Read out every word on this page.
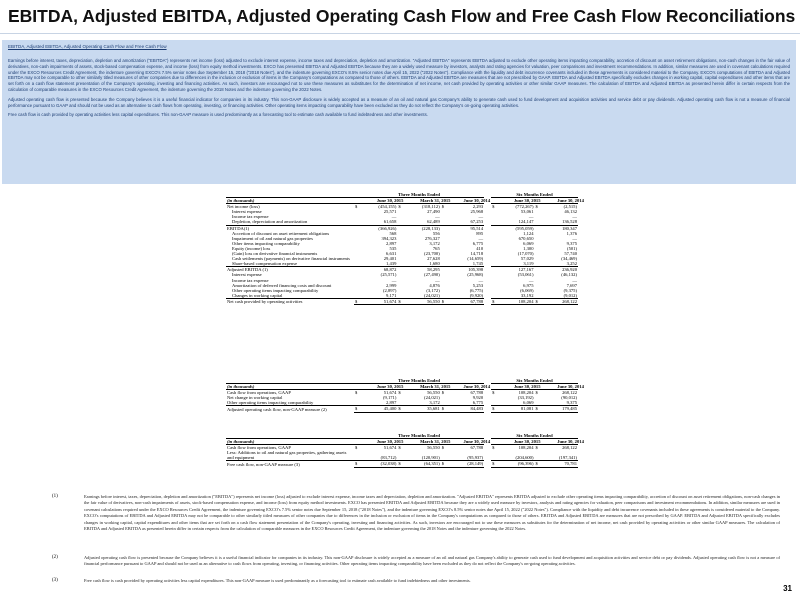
EBITDA, Adjusted EBITDA, Adjusted Operating Cash Flow and Free Cash Flow Reconciliations
EBITDA, Adjusted EBITDA, Adjusted Operating Cash Flow and Free Cash Flow

Earnings before interest, taxes, depreciation, depletion and amortization ("EBITDA") represents net income (loss) adjusted to exclude interest expense, income taxes and depreciation, depletion and amortization. "Adjusted EBITDA" represents EBITDA adjusted to exclude other operating items impacting comparability, accretion of discount on asset retirement obligations, non-cash changes in the fair value of derivatives, non-cash impairments of assets, stock-based compensation expense, and income (loss) from equity method investments. EXCO has presented EBITDA and Adjusted EBITDA because they are a widely used measure by investors, analysts and rating agencies for valuation, peer comparisons and investment recommendations. In addition, similar measures are used in covenant calculations required under the EXCO Resources Credit Agreement, the indenture governing EXCO's 7.5% senior notes due September 15, 2018 ("2018 Notes"), and the indenture governing EXCO's 8.5% senior notes due April 15, 2022 ("2022 Notes"). Compliance with the liquidity and debt incurrence covenants included in these agreements is considered material to the Company. EXCO's computations of EBITDA and Adjusted EBITDA may not be comparable to other similarly titled measures of other companies due to differences in the inclusion or exclusion of items in the Company's computations as compared to those of others. EBITDA and Adjusted EBITDA are measures that are not prescribed by GAAP. EBITDA and Adjusted EBITDA specifically excludes changes in working capital, capital expenditures and other items that are set forth on a cash flow statement presentation of the Company's operating, investing and financing activities. As such, investors are encouraged not to use these measures as substitutes for the determination of net income, net cash provided by operating activities or other similar GAAP measures. The calculation of EBITDA and Adjusted EBITDA as presented herein differ in certain respects from the calculation of comparable measures in the EXCO Resources Credit Agreement, the indenture governing the 2018 Notes and the indenture governing the 2022 Notes.

Adjusted operating cash flow is presented because the Company believes it is a useful financial indicator for companies in its industry. This non-GAAP disclosure is widely accepted as a measure of an oil and natural gas Company's ability to generate cash used to fund development and acquisition activities and service debt or pay dividends. Adjusted operating cash flow is not a measure of financial performance pursuant to GAAP and should not be used as an alternative to cash flows from operating, investing, or financing activities. Other operating items impacting comparability have been excluded as they do not reflect the Company's on-going operating activities.

Free cash flow is cash provided by operating activities less capital expenditures. This non-GAAP measure is used predominantly as a forecasting tool to estimate cash available to fund indebtedness and other investments.

	Three Months Ended							Six Months Ended			
(in thousands)		June 30, 2015		March 31, 2015		June 30, 2014			June 30, 2015		June 30, 2014
Net income (loss)	$	(454,155)	$	(318,112)	$	2,293		$	(772,267)	$	(2,515)
Interest expense		25,571		27,490		25,968			53,061		46,132
Income tax expense		—		—		—			—		—
Depletion, depreciation and amortization		61,658		62,489		67,253			124,147		136,528
EBITDA(1)		(366,926)		(228,133)		95,514			(595,059)		180,347
Accretion of discount on asset retirement obligations		568		556		895			1,124		1,376
Impairment of oil and natural gas properties		394,323		276,327		—			670,650		—
Other items impacting comparability		2,897		3,172		6,775			6,069		9,375
Equity (income) loss		535		765		410			1,300		(501)
(Gain) loss on derivative financial instruments		6,631		(23,700)		14,718			(17,070)		57,740
Cash settlements (payments) on derivative financial instruments		29,401		27,628		(14,659)			57,029		(34,469)
Share-based compensation expense		1,439		1,680		1,745			3,119		3,252
Adjusted EBITDA (1)		68,872		58,295		105,398			127,167		236,920
Interest expense		(25,571)		(27,490)		(25,968)			(53,061)		(46,132)
Income tax expense		—		—		—			—		—
Amortization of deferred financing costs and discount		2,999		4,876		5,253			6,975		7,697
Other operating items impacting comparability		(2,897)		(3,172)		(6,775)			(6,069)		(9,375)
Changes in working capital		9,171		(24,021)		(9,920)			33,192		(9,012)
Net cash provided by operating activities	$	51,674	$	56,550	$	67,788		$	108,204	$	268,122
	Three Months Ended							Six Months Ended			
(in thousands)		June 30, 2015		March 31, 2015		June 30, 2014			June 30, 2015		June 30, 2014
Cash flow from operations, GAAP	$	51,674	$	56,550	$	67,788		$	108,204	$	268,122
Net change in working capital		(9,171)		(24,021)		9,920			(33,192)		(90,012)
Other operating items impacting comparability		2,897		3,172		6,775			6,069		9,375
Adjusted operating cash flow, non-GAAP measure (2)	$	45,400	$	35,681	$	84,483		$	81,081	$	179,485
	Three Months Ended							Six Months Ended			
(in thousands)		June 30, 2015		March 31, 2015		June 30, 2014			June 30, 2015		June 30, 2014
Cash flow from operations, GAAP	$	51,674	$	56,550	$	67,788		$	108,204	$	268,122
Less: Additions to oil and natural gas properties, gathering assets and equipment		(83,712)		(120,901)		(95,937)			(204,600)		(197,341)
Free cash flow, non-GAAP measure (3)	$	(32,038)	$	(64,351)	$	(28,149)		$	(96,396)	$	70,781
(1)	Earnings before interest, taxes, depreciation, depletion and amortization ("EBITDA") represents net income (loss) adjusted to exclude interest expense, income taxes and depreciation, depletion and amortization. "Adjusted EBITDA" represents EBITDA adjusted to exclude other operating items impacting comparability, accretion of discount on asset retirement obligations, non-cash changes in the fair value of derivatives, non-cash impairments of assets, stock-based compensation expense, and income (loss) from equity method investments. EXCO has presented EBITDA and Adjusted EBITDA because they are a widely used measure by investors, analysts and rating agencies for valuation, peer comparisons and investment recommendations. In addition, similar measures are used in covenant calculations required under the EXCO Resources Credit Agreement, the indenture governing EXCO's 7.5% senior notes due September 15, 2018 ("2018 Notes"), and the indenture governing EXCO's 8.5% senior notes due April 15, 2022 ("2022 Notes"). Compliance with the liquidity and debt incurrence covenants included in these agreements is considered material to the Company. EXCO's computations of EBITDA and Adjusted EBITDA may not be comparable to other similarly titled measures of other companies due to differences in the inclusion or exclusion of items in the Company's computations as compared to those of others. EBITDA and Adjusted EBITDA are measures that are not prescribed by GAAP. EBITDA and Adjusted EBITDA specifically excludes changes in working capital, capital expenditures and other items that are set forth on a cash flow statement presentation of the Company's operating, investing and financing activities. As such, investors are encouraged not to use these measures as substitutes for the determination of net income, net cash provided by operating activities or other similar GAAP measures. The calculation of EBITDA and Adjusted EBITDA as presented herein differ in certain respects from the calculation of comparable measures in the EXCO Resources Credit Agreement, the indenture governing the 2018 Notes and the indenture governing the 2022 Notes.
(2)	Adjusted operating cash flow is presented because the Company believes it is a useful financial indicator for companies in its industry. This non-GAAP disclosure is widely accepted as a measure of an oil and natural gas Company's ability to generate cash used to fund development and acquisition activities and service debt or pay dividends. Adjusted operating cash flow is not a measure of financial performance pursuant to GAAP and should not be used as an alternative to cash flows from operating, investing, or financing activities. Other operating items impacting comparability have been excluded as they do not reflect the Company's on-going operating activities.
(3)	Free cash flow is cash provided by operating activities less capital expenditures. This non-GAAP measure is used predominantly as a forecasting tool to estimate cash available to fund indebtedness and other investments.
31
